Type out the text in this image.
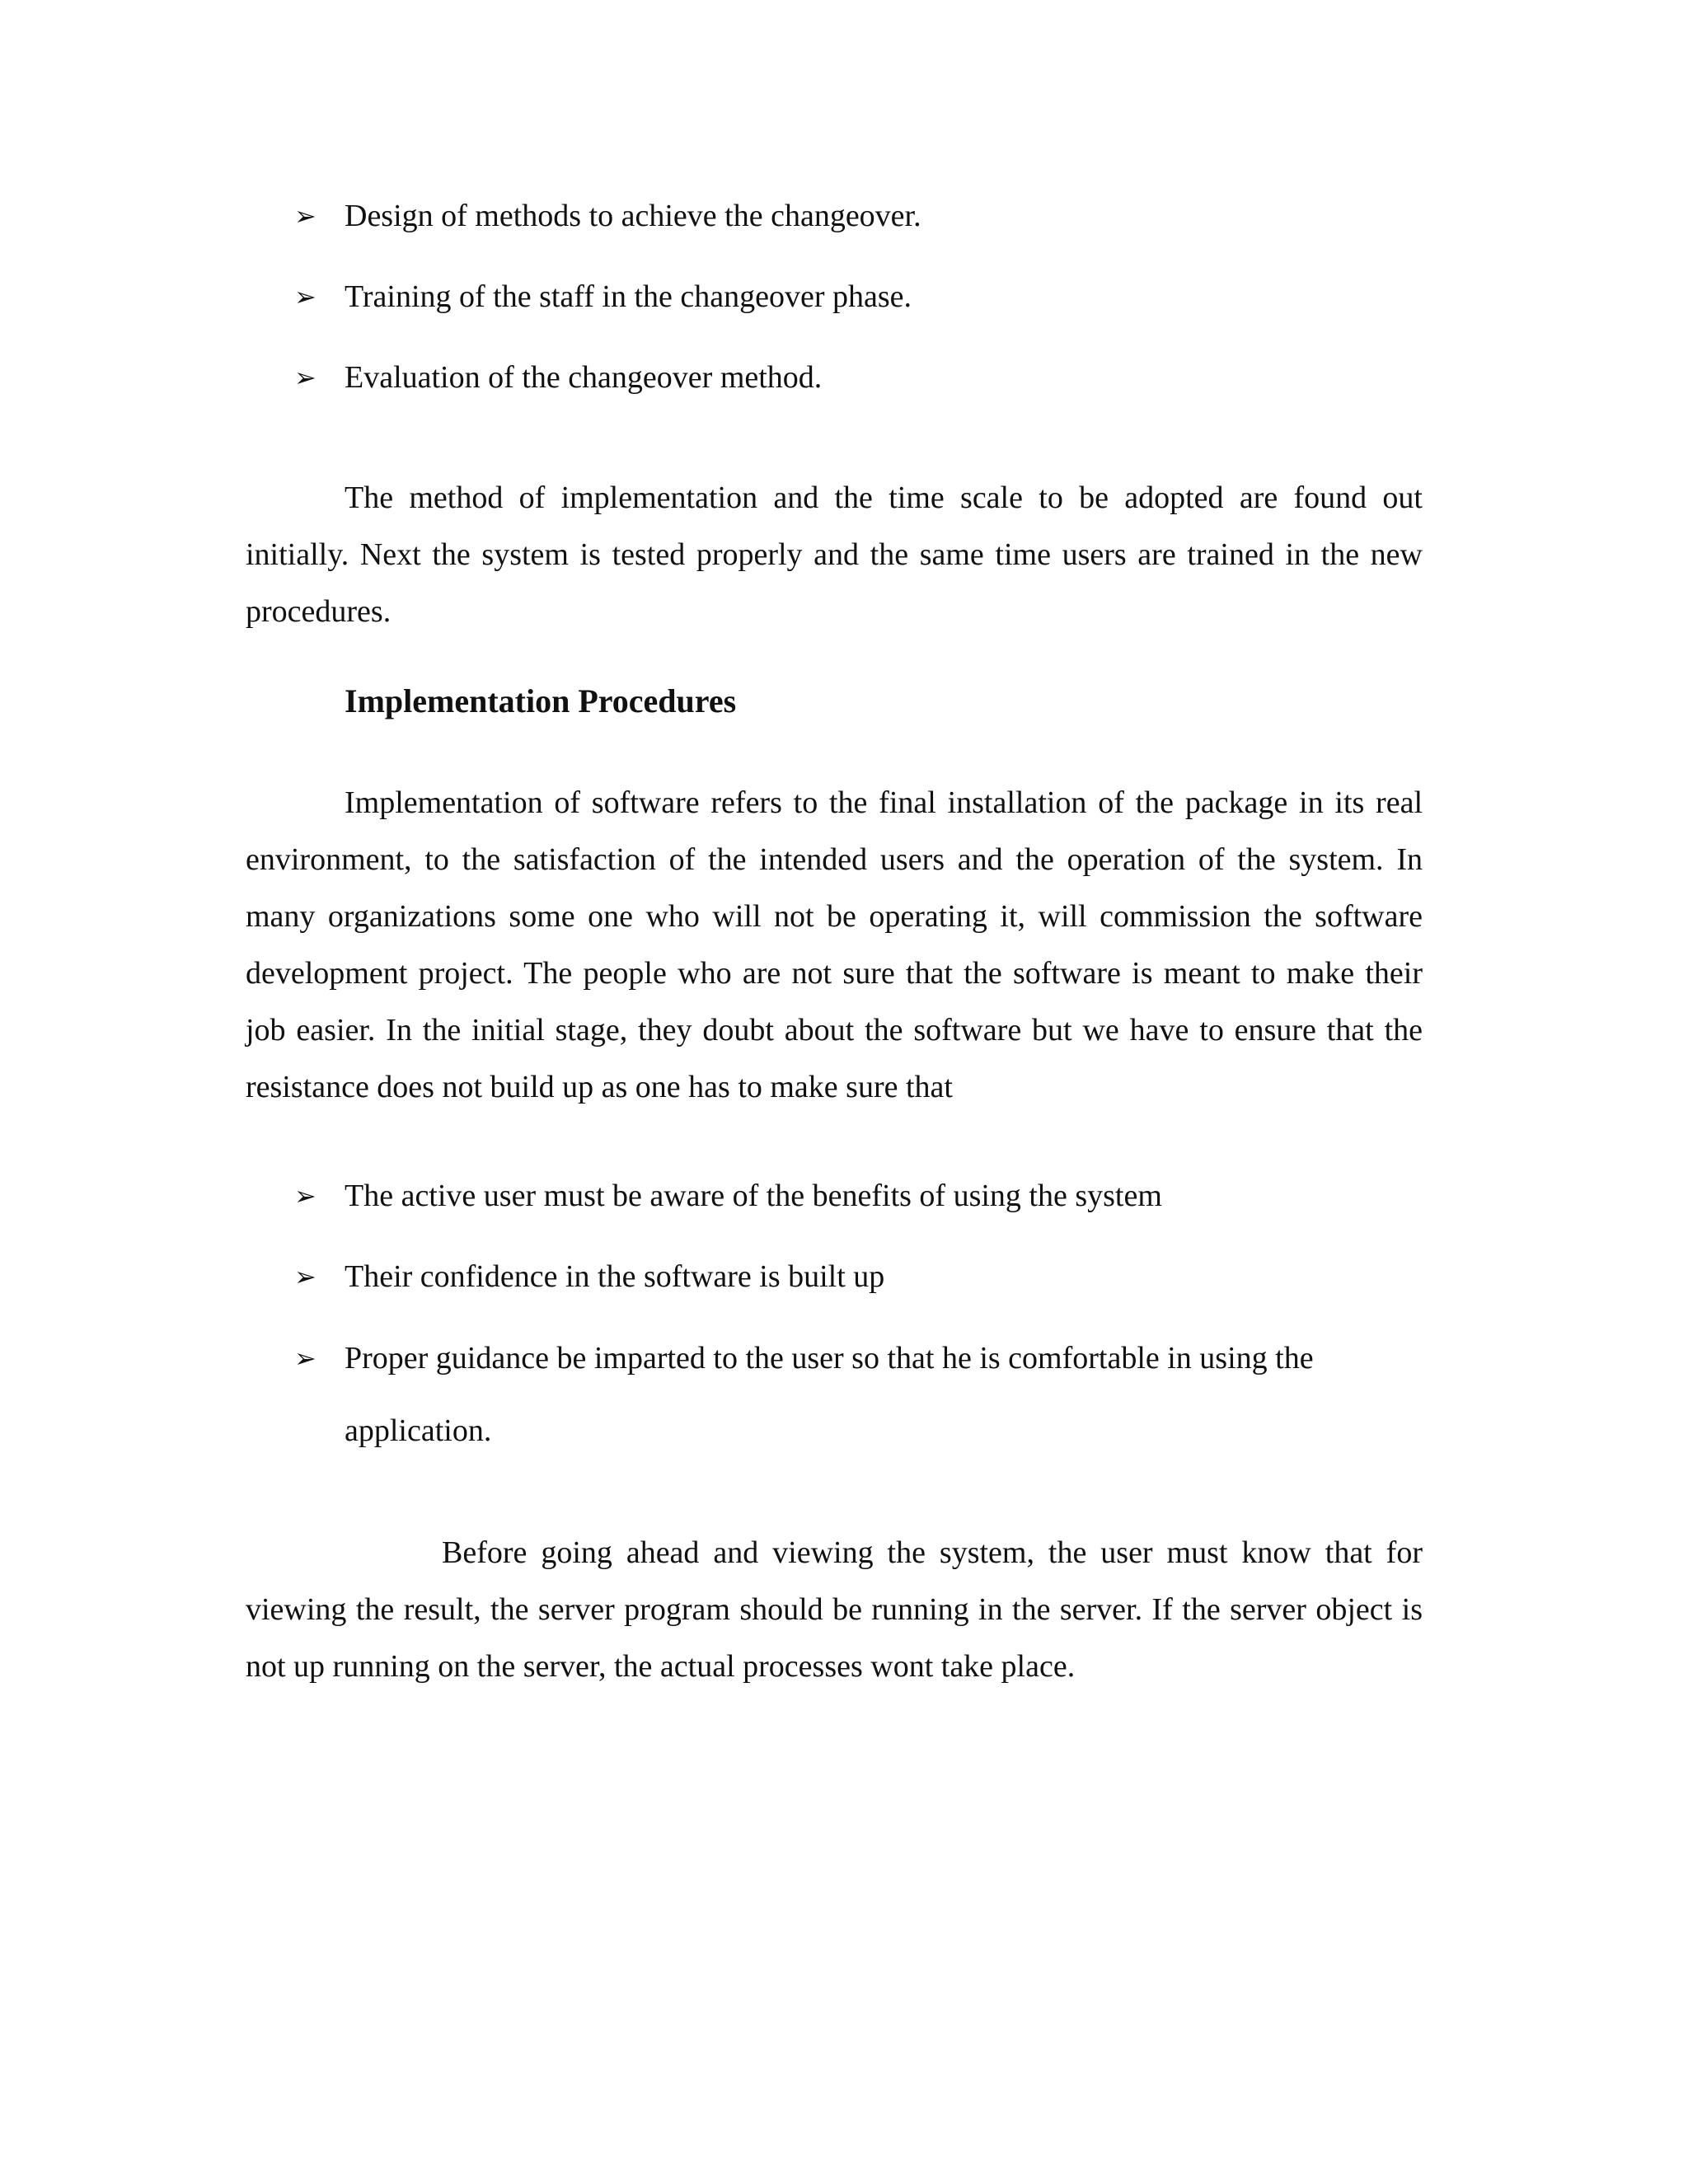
➢ Design of methods to achieve the changeover.
➢ Training of the staff in the changeover phase.
➢ Evaluation of the changeover method.

The method of implementation and the time scale to be adopted are found out initially. Next the system is tested properly and the same time users are trained in the new procedures.

Implementation Procedures

Implementation of software refers to the final installation of the package in its real environment, to the satisfaction of the intended users and the operation of the system. In many organizations some one who will not be operating it, will commission the software development project. The people who are not sure that the software is meant to make their job easier. In the initial stage, they doubt about the software but we have to ensure that the resistance does not build up as one has to make sure that

➢ The active user must be aware of the benefits of using the system
➢ Their confidence in the software is built up
➢ Proper guidance be imparted to the user so that he is comfortable in using the application.

Before going ahead and viewing the system, the user must know that for viewing the result, the server program should be running in the server. If the server object is not up running on the server, the actual processes wont take place.
